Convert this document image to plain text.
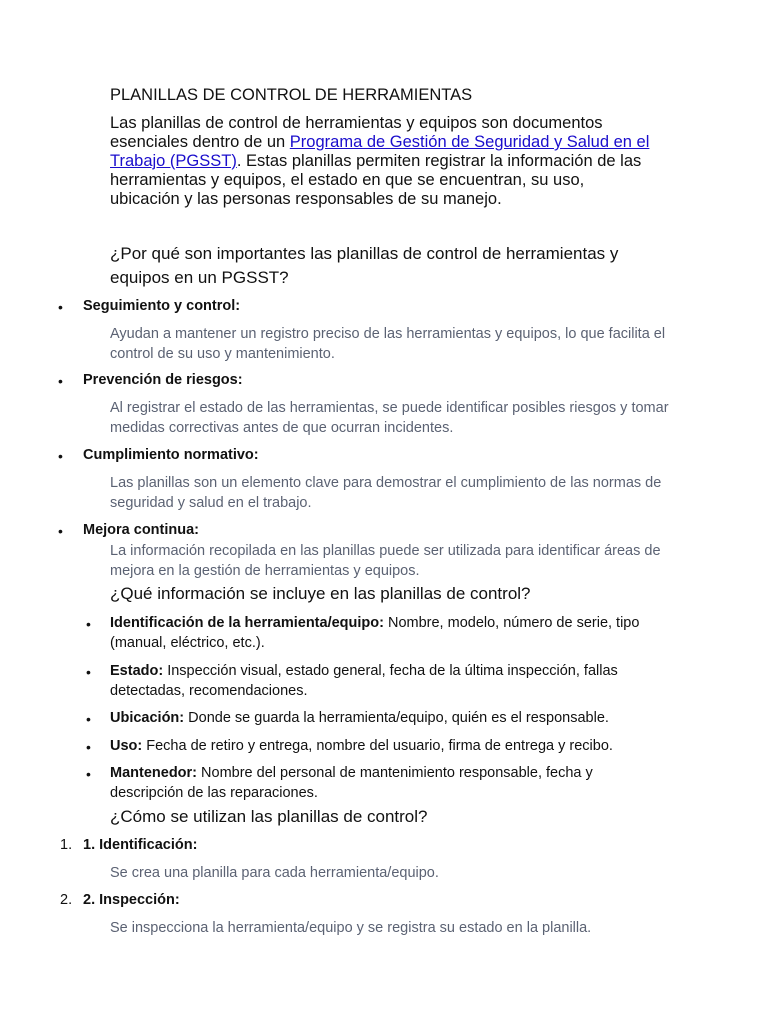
PLANILLAS DE CONTROL DE HERRAMIENTAS
Las planillas de control de herramientas y equipos son documentos esenciales dentro de un Programa de Gestión de Seguridad y Salud en el Trabajo (PGSST). Estas planillas permiten registrar la información de las herramientas y equipos, el estado en que se encuentran, su uso, ubicación y las personas responsables de su manejo.
¿Por qué son importantes las planillas de control de herramientas y equipos en un PGSST?
• Seguimiento y control:
Ayudan a mantener un registro preciso de las herramientas y equipos, lo que facilita el control de su uso y mantenimiento.
• Prevención de riesgos:
Al registrar el estado de las herramientas, se puede identificar posibles riesgos y tomar medidas correctivas antes de que ocurran incidentes.
• Cumplimiento normativo:
Las planillas son un elemento clave para demostrar el cumplimiento de las normas de seguridad y salud en el trabajo.
• Mejora continua:
La información recopilada en las planillas puede ser utilizada para identificar áreas de mejora en la gestión de herramientas y equipos.
¿Qué información se incluye en las planillas de control?
• Identificación de la herramienta/equipo: Nombre, modelo, número de serie, tipo (manual, eléctrico, etc.).
• Estado: Inspección visual, estado general, fecha de la última inspección, fallas detectadas, recomendaciones.
• Ubicación: Donde se guarda la herramienta/equipo, quién es el responsable.
• Uso: Fecha de retiro y entrega, nombre del usuario, firma de entrega y recibo.
• Mantenedor: Nombre del personal de mantenimiento responsable, fecha y descripción de las reparaciones.
¿Cómo se utilizan las planillas de control?
1. 1. Identificación:
Se crea una planilla para cada herramienta/equipo.
2. 2. Inspección:
Se inspecciona la herramienta/equipo y se registra su estado en la planilla.
